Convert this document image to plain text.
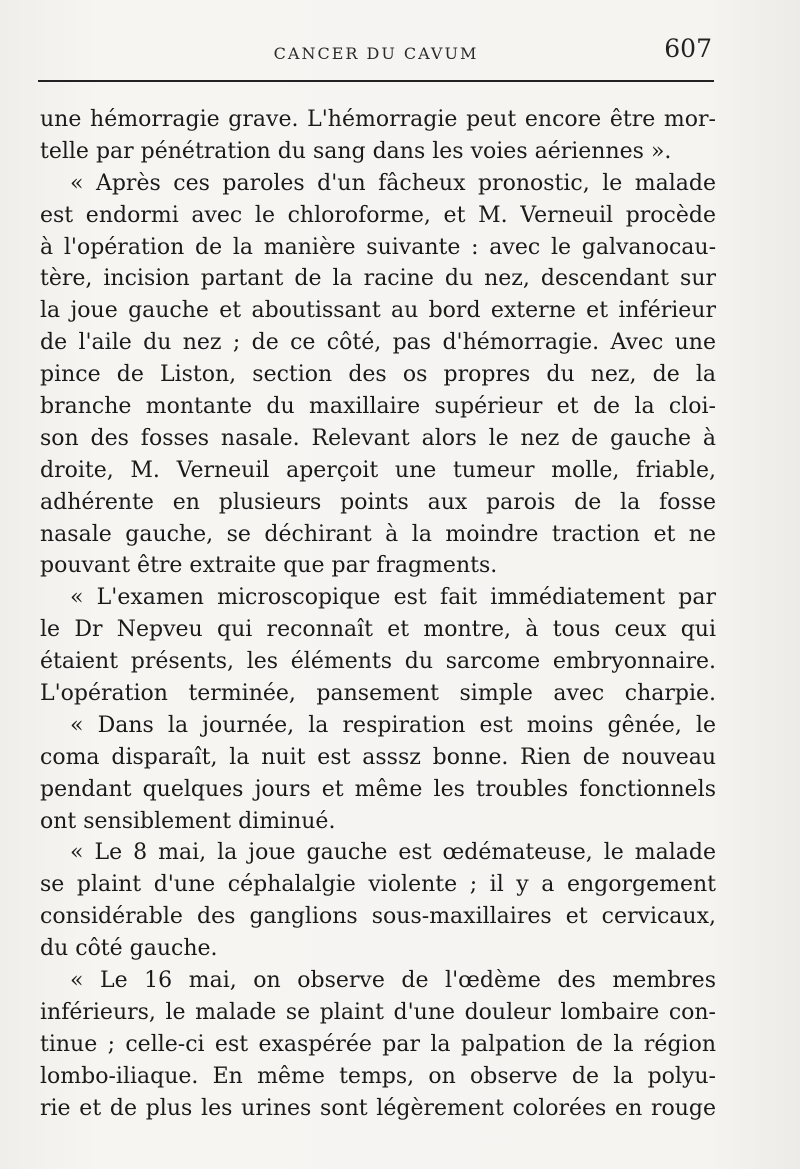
CANCER DU CAVUM	607
une hémorragie grave. L'hémorragie peut encore être mor-
telle par pénétration du sang dans les voies aériennes ».
« Après ces paroles d'un fâcheux pronostic, le malade
est endormi avec le chloroforme, et M. Verneuil procède
à l'opération de la manière suivante : avec le galvanocau-
tère, incision partant de la racine du nez, descendant sur
la joue gauche et aboutissant au bord externe et inférieur
de l'aile du nez ; de ce côté, pas d'hémorragie. Avec une
pince de Liston, section des os propres du nez, de la
branche montante du maxillaire supérieur et de la cloi-
son des fosses nasale. Relevant alors le nez de gauche à
droite, M. Verneuil aperçoit une tumeur molle, friable,
adhérente en plusieurs points aux parois de la fosse
nasale gauche, se déchirant à la moindre traction et ne
pouvant être extraite que par fragments.
« L'examen microscopique est fait immédiatement par
le Dr Nepveu qui reconnaît et montre, à tous ceux qui
étaient présents, les éléments du sarcome embryonnaire.
L'opération terminée, pansement simple avec charpie.
« Dans la journée, la respiration est moins gênée, le
coma disparaît, la nuit est asssz bonne. Rien de nouveau
pendant quelques jours et même les troubles fonctionnels
ont sensiblement diminué.
« Le 8 mai, la joue gauche est œdémateuse, le malade
se plaint d'une céphalalgie violente ; il y a engorgement
considérable des ganglions sous-maxillaires et cervicaux,
du côté gauche.
« Le 16 mai, on observe de l'œdème des membres
inférieurs, le malade se plaint d'une douleur lombaire con-
tinue ; celle-ci est exaspérée par la palpation de la région
lombo-iliaque. En même temps, on observe de la polyu-
rie et de plus les urines sont légèrement colorées en rouge
